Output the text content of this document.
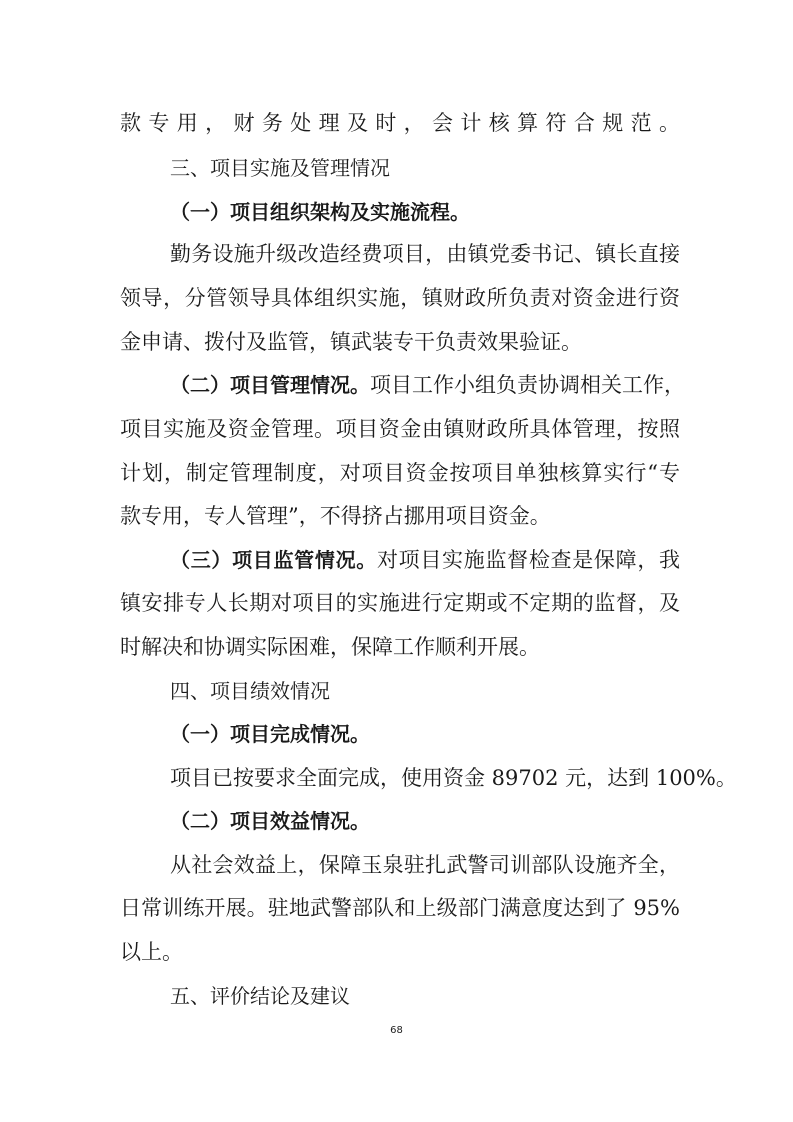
款专用，财务处理及时，会计核算符合规范。
三、项目实施及管理情况
（一）项目组织架构及实施流程。
勤务设施升级改造经费项目，由镇党委书记、镇长直接
领导，分管领导具体组织实施，镇财政所负责对资金进行资
金申请、拨付及监管，镇武装专干负责效果验证。
（二）项目管理情况。项目工作小组负责协调相关工作，
项目实施及资金管理。项目资金由镇财政所具体管理，按照
计划，制定管理制度，对项目资金按项目单独核算实行“专
款专用，专人管理”，不得挤占挪用项目资金。
（三）项目监管情况。对项目实施监督检查是保障，我
镇安排专人长期对项目的实施进行定期或不定期的监督，及
时解决和协调实际困难，保障工作顺利开展。
四、项目绩效情况
（一）项目完成情况。
项目已按要求全面完成，使用资金 89702 元，达到 100%。
（二）项目效益情况。
从社会效益上，保障玉泉驻扎武警司训部队设施齐全，
日常训练开展。驻地武警部队和上级部门满意度达到了 95%
以上。
五、评价结论及建议
68
